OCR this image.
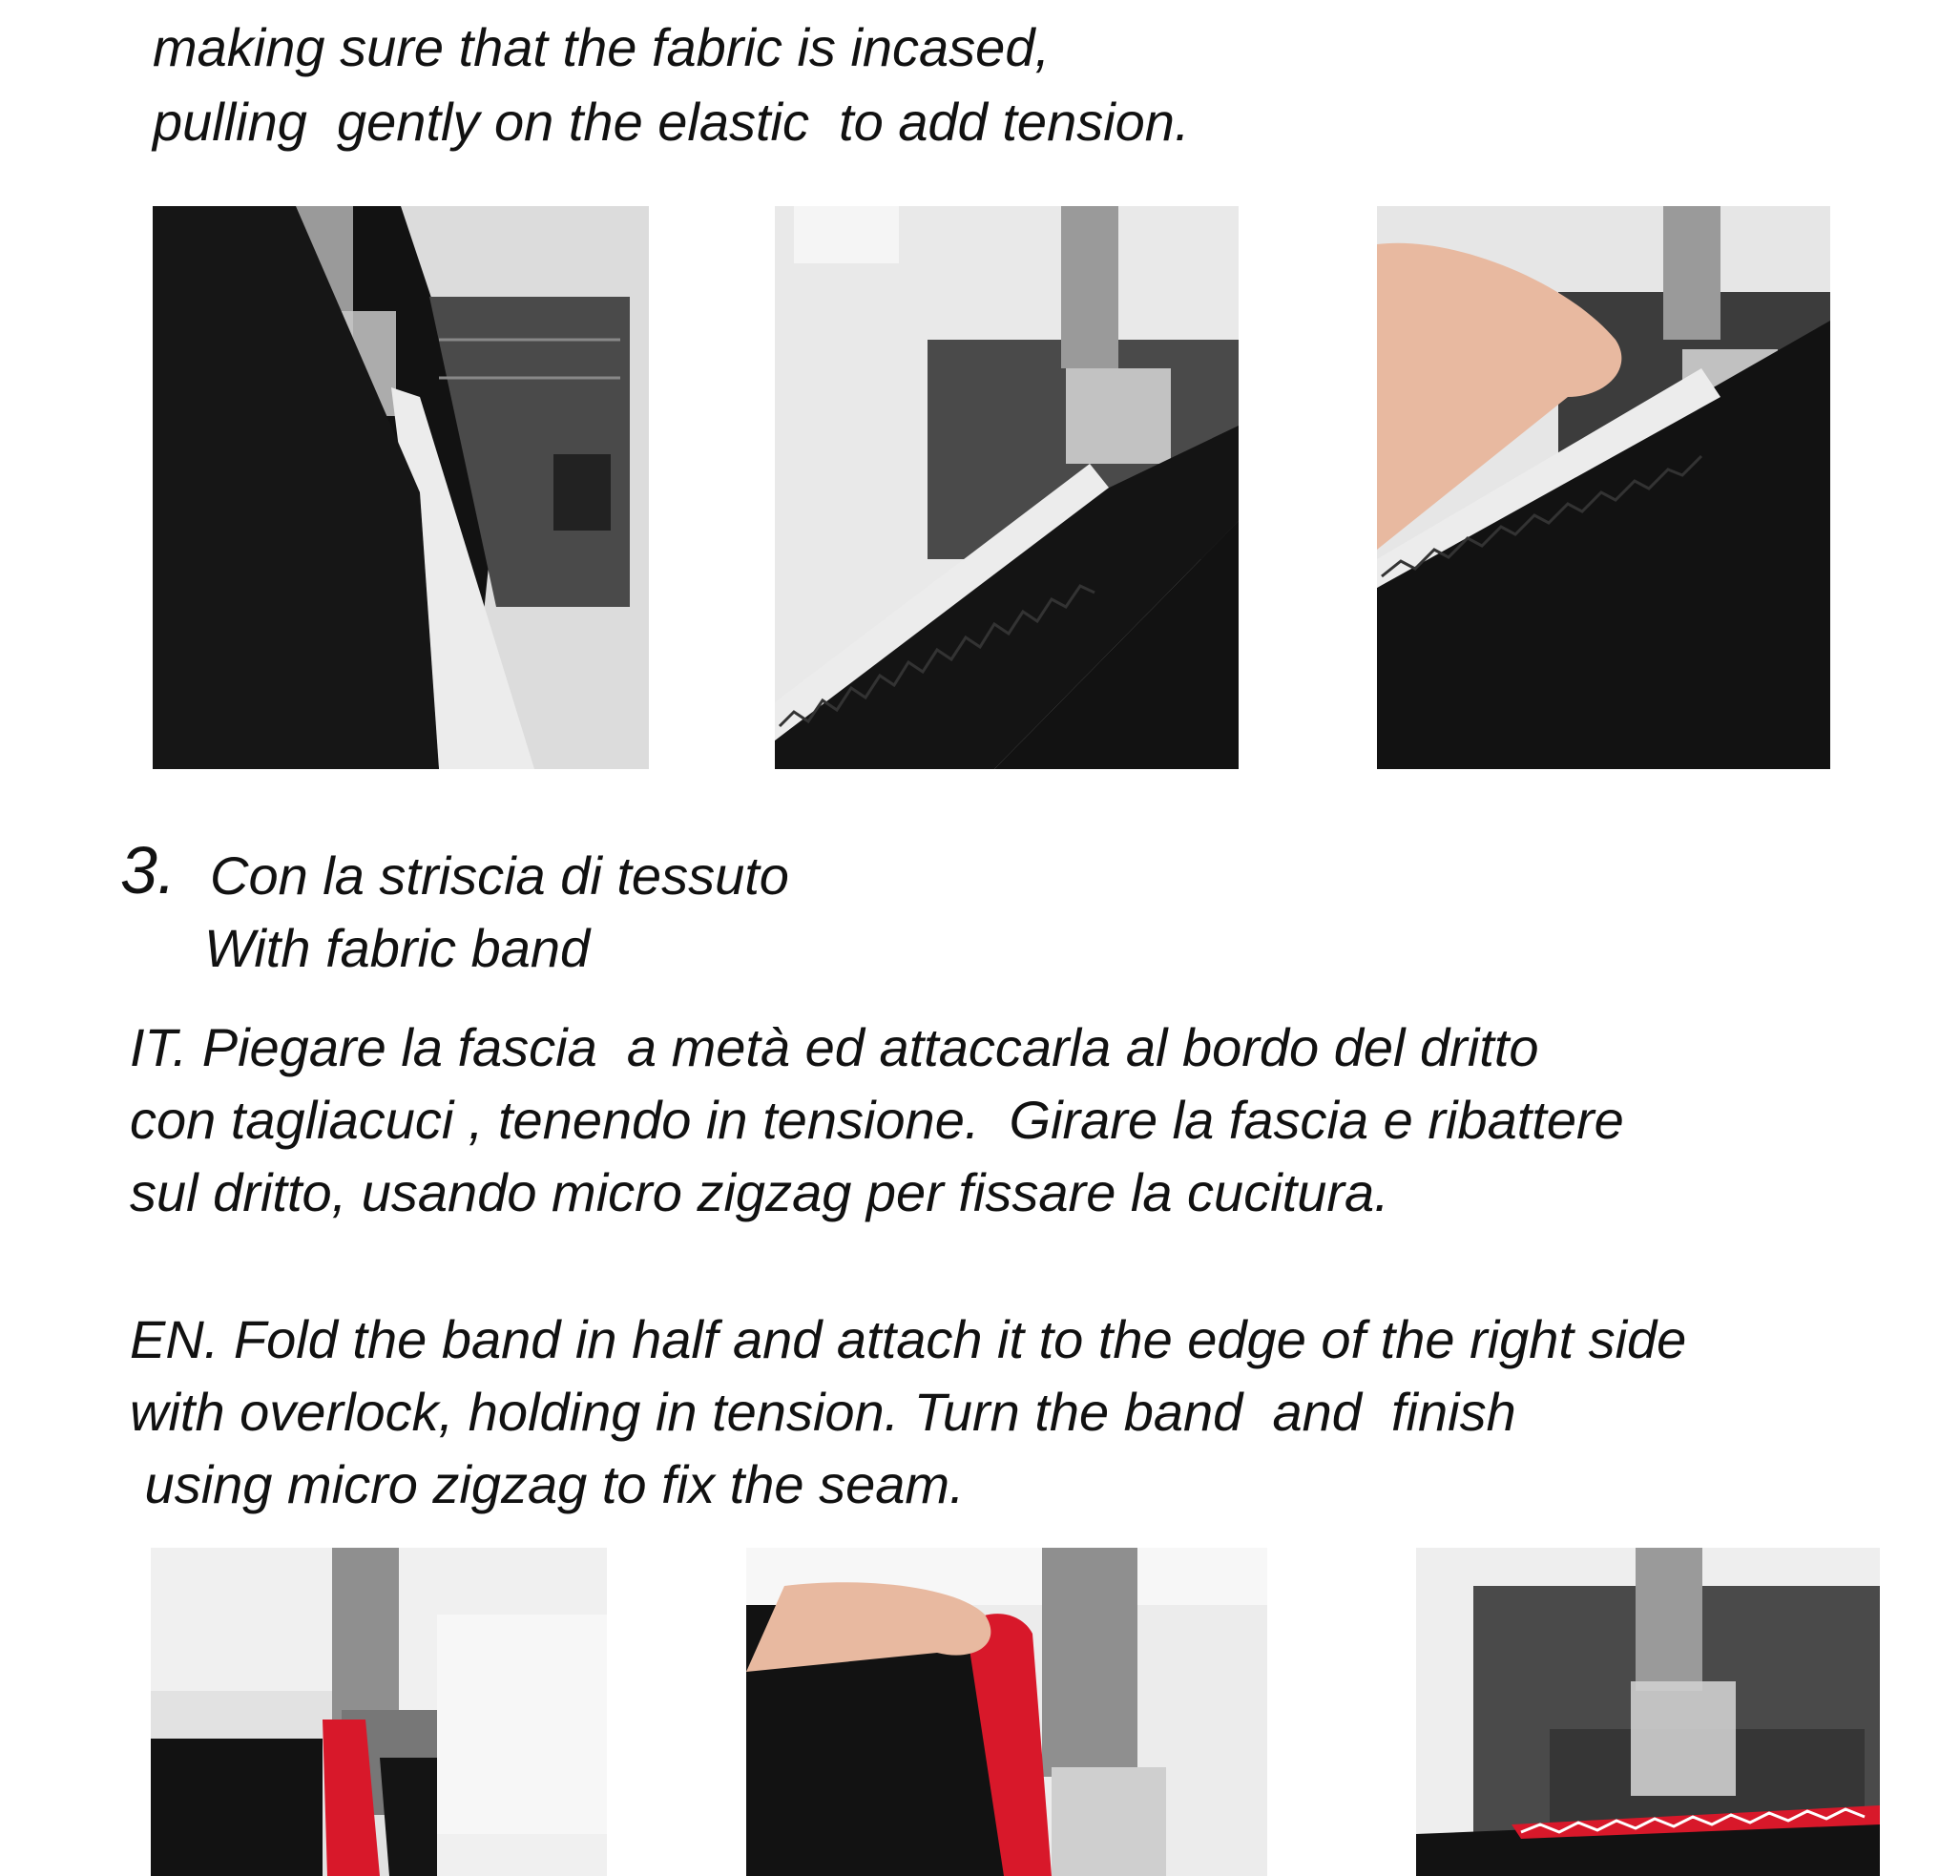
making sure that the fabric is incased,

pulling  gently on the elastic  to add tension.

3. Con la striscia di tessuto

With fabric band

IT. Piegare la fascia  a metà ed attaccarla al bordo del dritto

con tagliacuci , tenendo in tensione.  Girare la fascia e ribattere

sul dritto, usando micro zigzag per fissare la cucitura.

EN. Fold the band in half and attach it to the edge of the right side

with overlock, holding in tension. Turn the band  and  finish

using micro zigzag to fix the seam.
